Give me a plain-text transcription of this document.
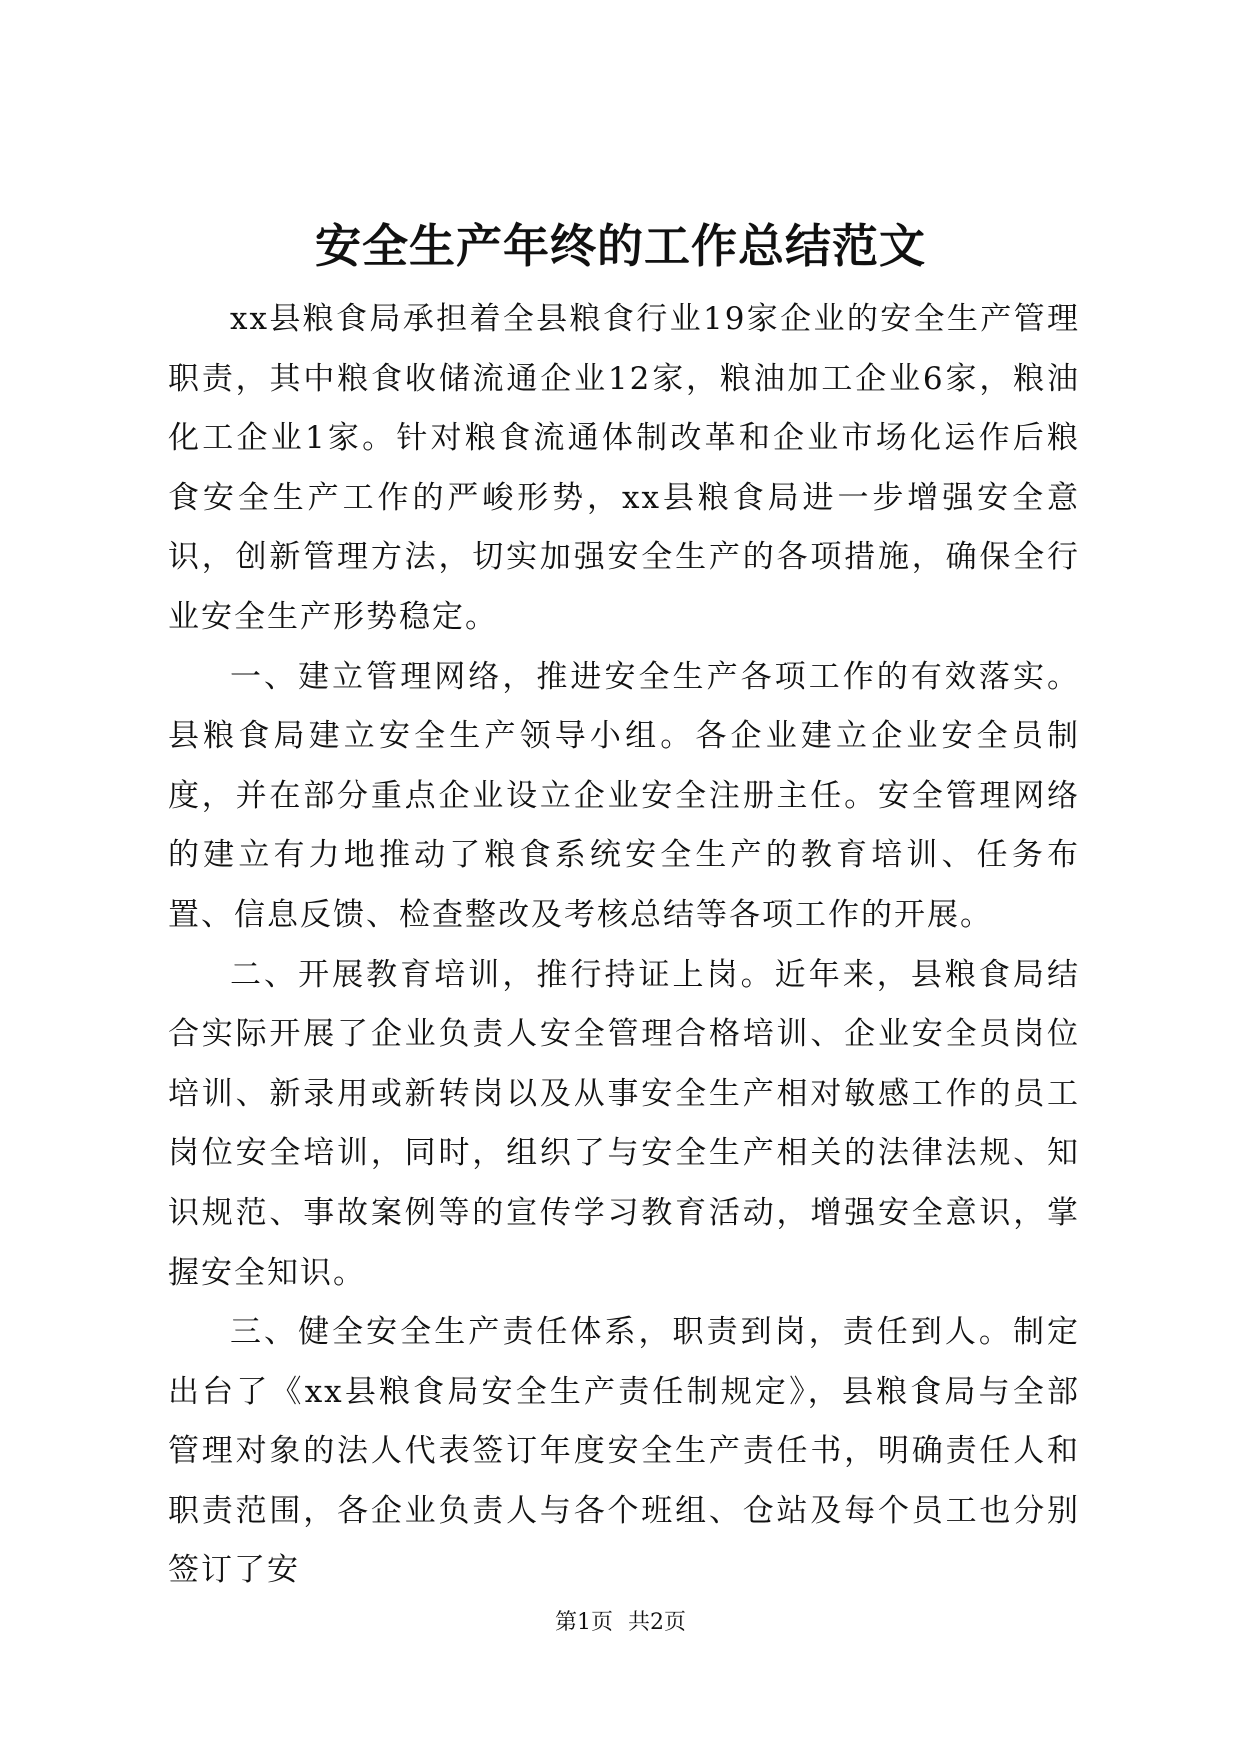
安全生产年终的工作总结范文

xx县粮食局承担着全县粮食行业19家企业的安全生产管理职责，其中粮食收储流通企业12家，粮油加工企业6家，粮油化工企业1家。针对粮食流通体制改革和企业市场化运作后粮食安全生产工作的严峻形势，xx县粮食局进一步增强安全意识，创新管理方法，切实加强安全生产的各项措施，确保全行业安全生产形势稳定。

一、建立管理网络，推进安全生产各项工作的有效落实。县粮食局建立安全生产领导小组。各企业建立企业安全员制度，并在部分重点企业设立企业安全注册主任。安全管理网络的建立有力地推动了粮食系统安全生产的教育培训、任务布置、信息反馈、检查整改及考核总结等各项工作的开展。

二、开展教育培训，推行持证上岗。近年来，县粮食局结合实际开展了企业负责人安全管理合格培训、企业安全员岗位培训、新录用或新转岗以及从事安全生产相对敏感工作的员工岗位安全培训，同时，组织了与安全生产相关的法律法规、知识规范、事故案例等的宣传学习教育活动，增强安全意识，掌握安全知识。

三、健全安全生产责任体系，职责到岗，责任到人。制定出台了《xx县粮食局安全生产责任制规定》，县粮食局与全部管理对象的法人代表签订年度安全生产责任书，明确责任人和职责范围，各企业负责人与各个班组、仓站及每个员工也分别签订了安

第1页 共2页
